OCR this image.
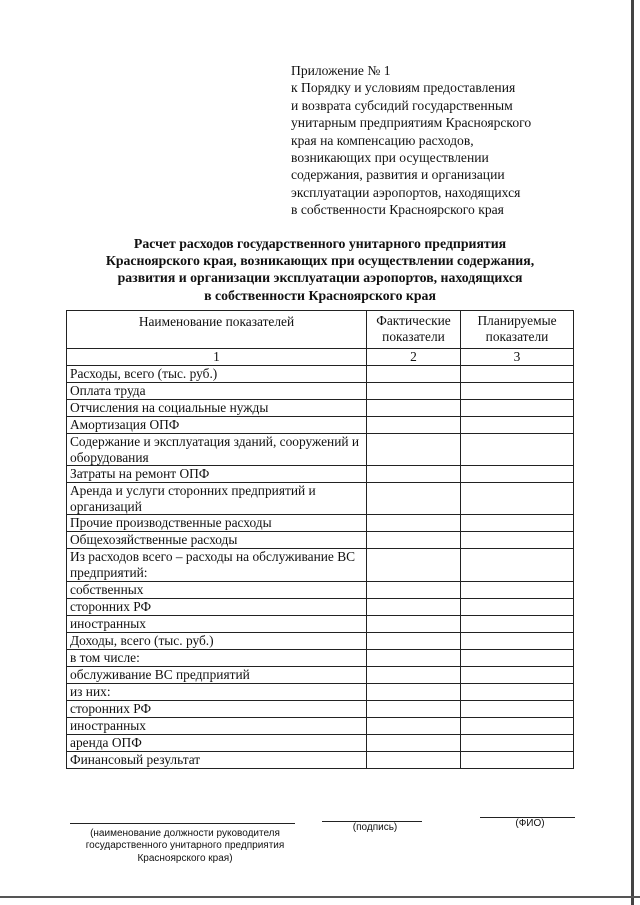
Приложение № 1
к Порядку и условиям предоставления
и возврата субсидий государственным
унитарным предприятиям Красноярского
края на компенсацию расходов,
возникающих при осуществлении
содержания, развития и организации
эксплуатации аэропортов, находящихся
в собственности Красноярского края
Расчет расходов государственного унитарного предприятия
Красноярского края, возникающих при осуществлении содержания,
развития и организации эксплуатации аэропортов, находящихся
в собственности Красноярского края
Наименование показателей	Фактические показатели	Планируемые показатели
1	2	3
Расходы, всего (тыс. руб.)		
Оплата труда		
Отчисления на социальные нужды		
Амортизация ОПФ		
Содержание и эксплуатация зданий, сооружений и оборудования		
Затраты на ремонт ОПФ		
Аренда и услуги сторонних предприятий и организаций		
Прочие производственные расходы		
Общехозяйственные расходы		
Из расходов всего – расходы на обслуживание ВС предприятий:		
собственных		
сторонних РФ		
иностранных		
Доходы, всего (тыс. руб.)		
в том числе:		
обслуживание ВС предприятий		
из них:		
сторонних РФ		
иностранных		
аренда ОПФ		
Финансовый результат		
(наименование должности руководителя государственного унитарного предприятия Красноярского края)
(подпись)	(ФИО)
